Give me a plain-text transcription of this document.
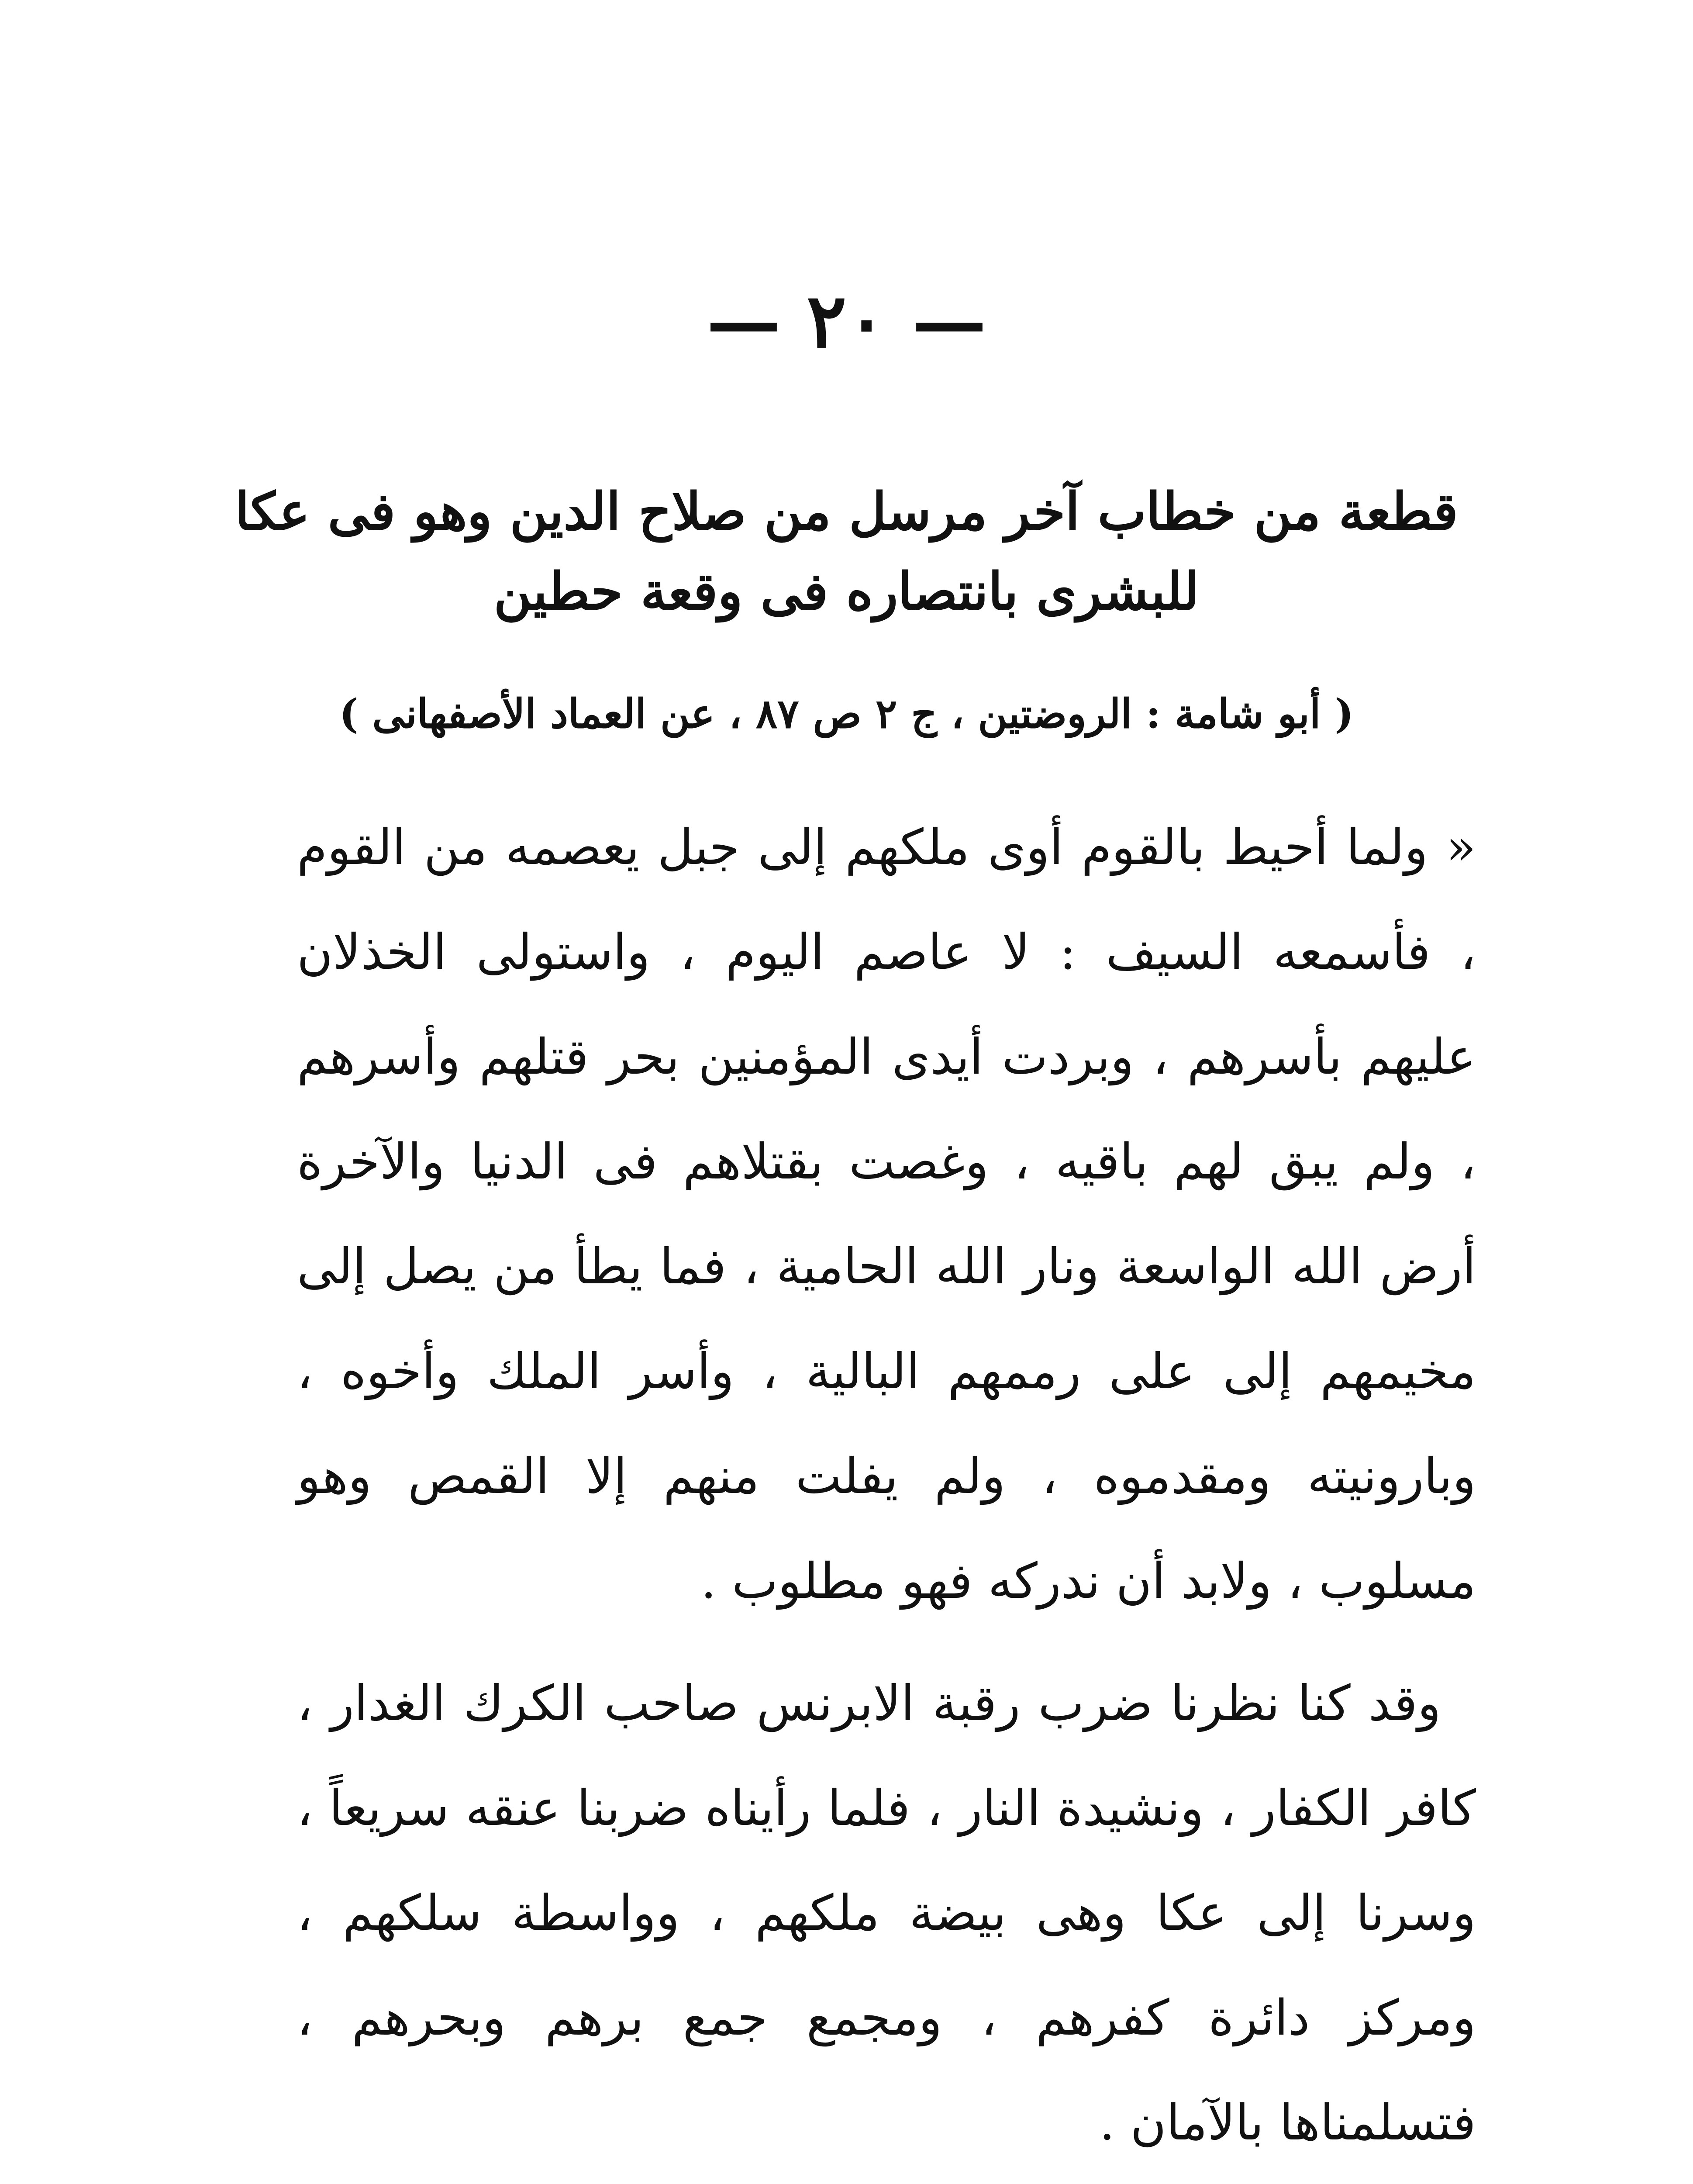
— ٢٠ —
قطعة من خطاب آخر مرسل من صلاح الدين وهو فى عكا
للبشرى بانتصاره فى وقعة حطين
( أبو شامة : الروضتين ، ج ٢ ص ٨٧ ، عن العماد الأصفهانى )

« ولما أحيط بالقوم أوى ملكهم إلى جبل يعصمه من القوم ، فأسمعه السيف : لا عاصم اليوم ، واستولى الخذلان عليهم بأسرهم ، وبردت أيدى المؤمنين بحر قتلهم وأسرهم ، ولم يبق لهم باقيه ، وغصت بقتلاهم فى الدنيا والآخرة أرض الله الواسعة ونار الله الحامية ، فما يطأ من يصل إلى مخيمهم إلى على رممهم البالية ، وأسر الملك وأخوه ، وبارونيته ومقدموه ، ولم يفلت منهم إلا القمص وهو مسلوب ، ولابد أن ندركه فهو مطلوب .

وقد كنا نظرنا ضرب رقبة الابرنس صاحب الكرك الغدار ، كافر الكفار ، ونشيدة النار ، فلما رأيناه ضربنا عنقه سريعاً ، وسرنا إلى عكا وهى بيضة ملكهم ، وواسطة سلكهم ، ومركز دائرة كفرهم ، ومجمع جمع برهم وبحرهم ، فتسلمناها بالآمان .
